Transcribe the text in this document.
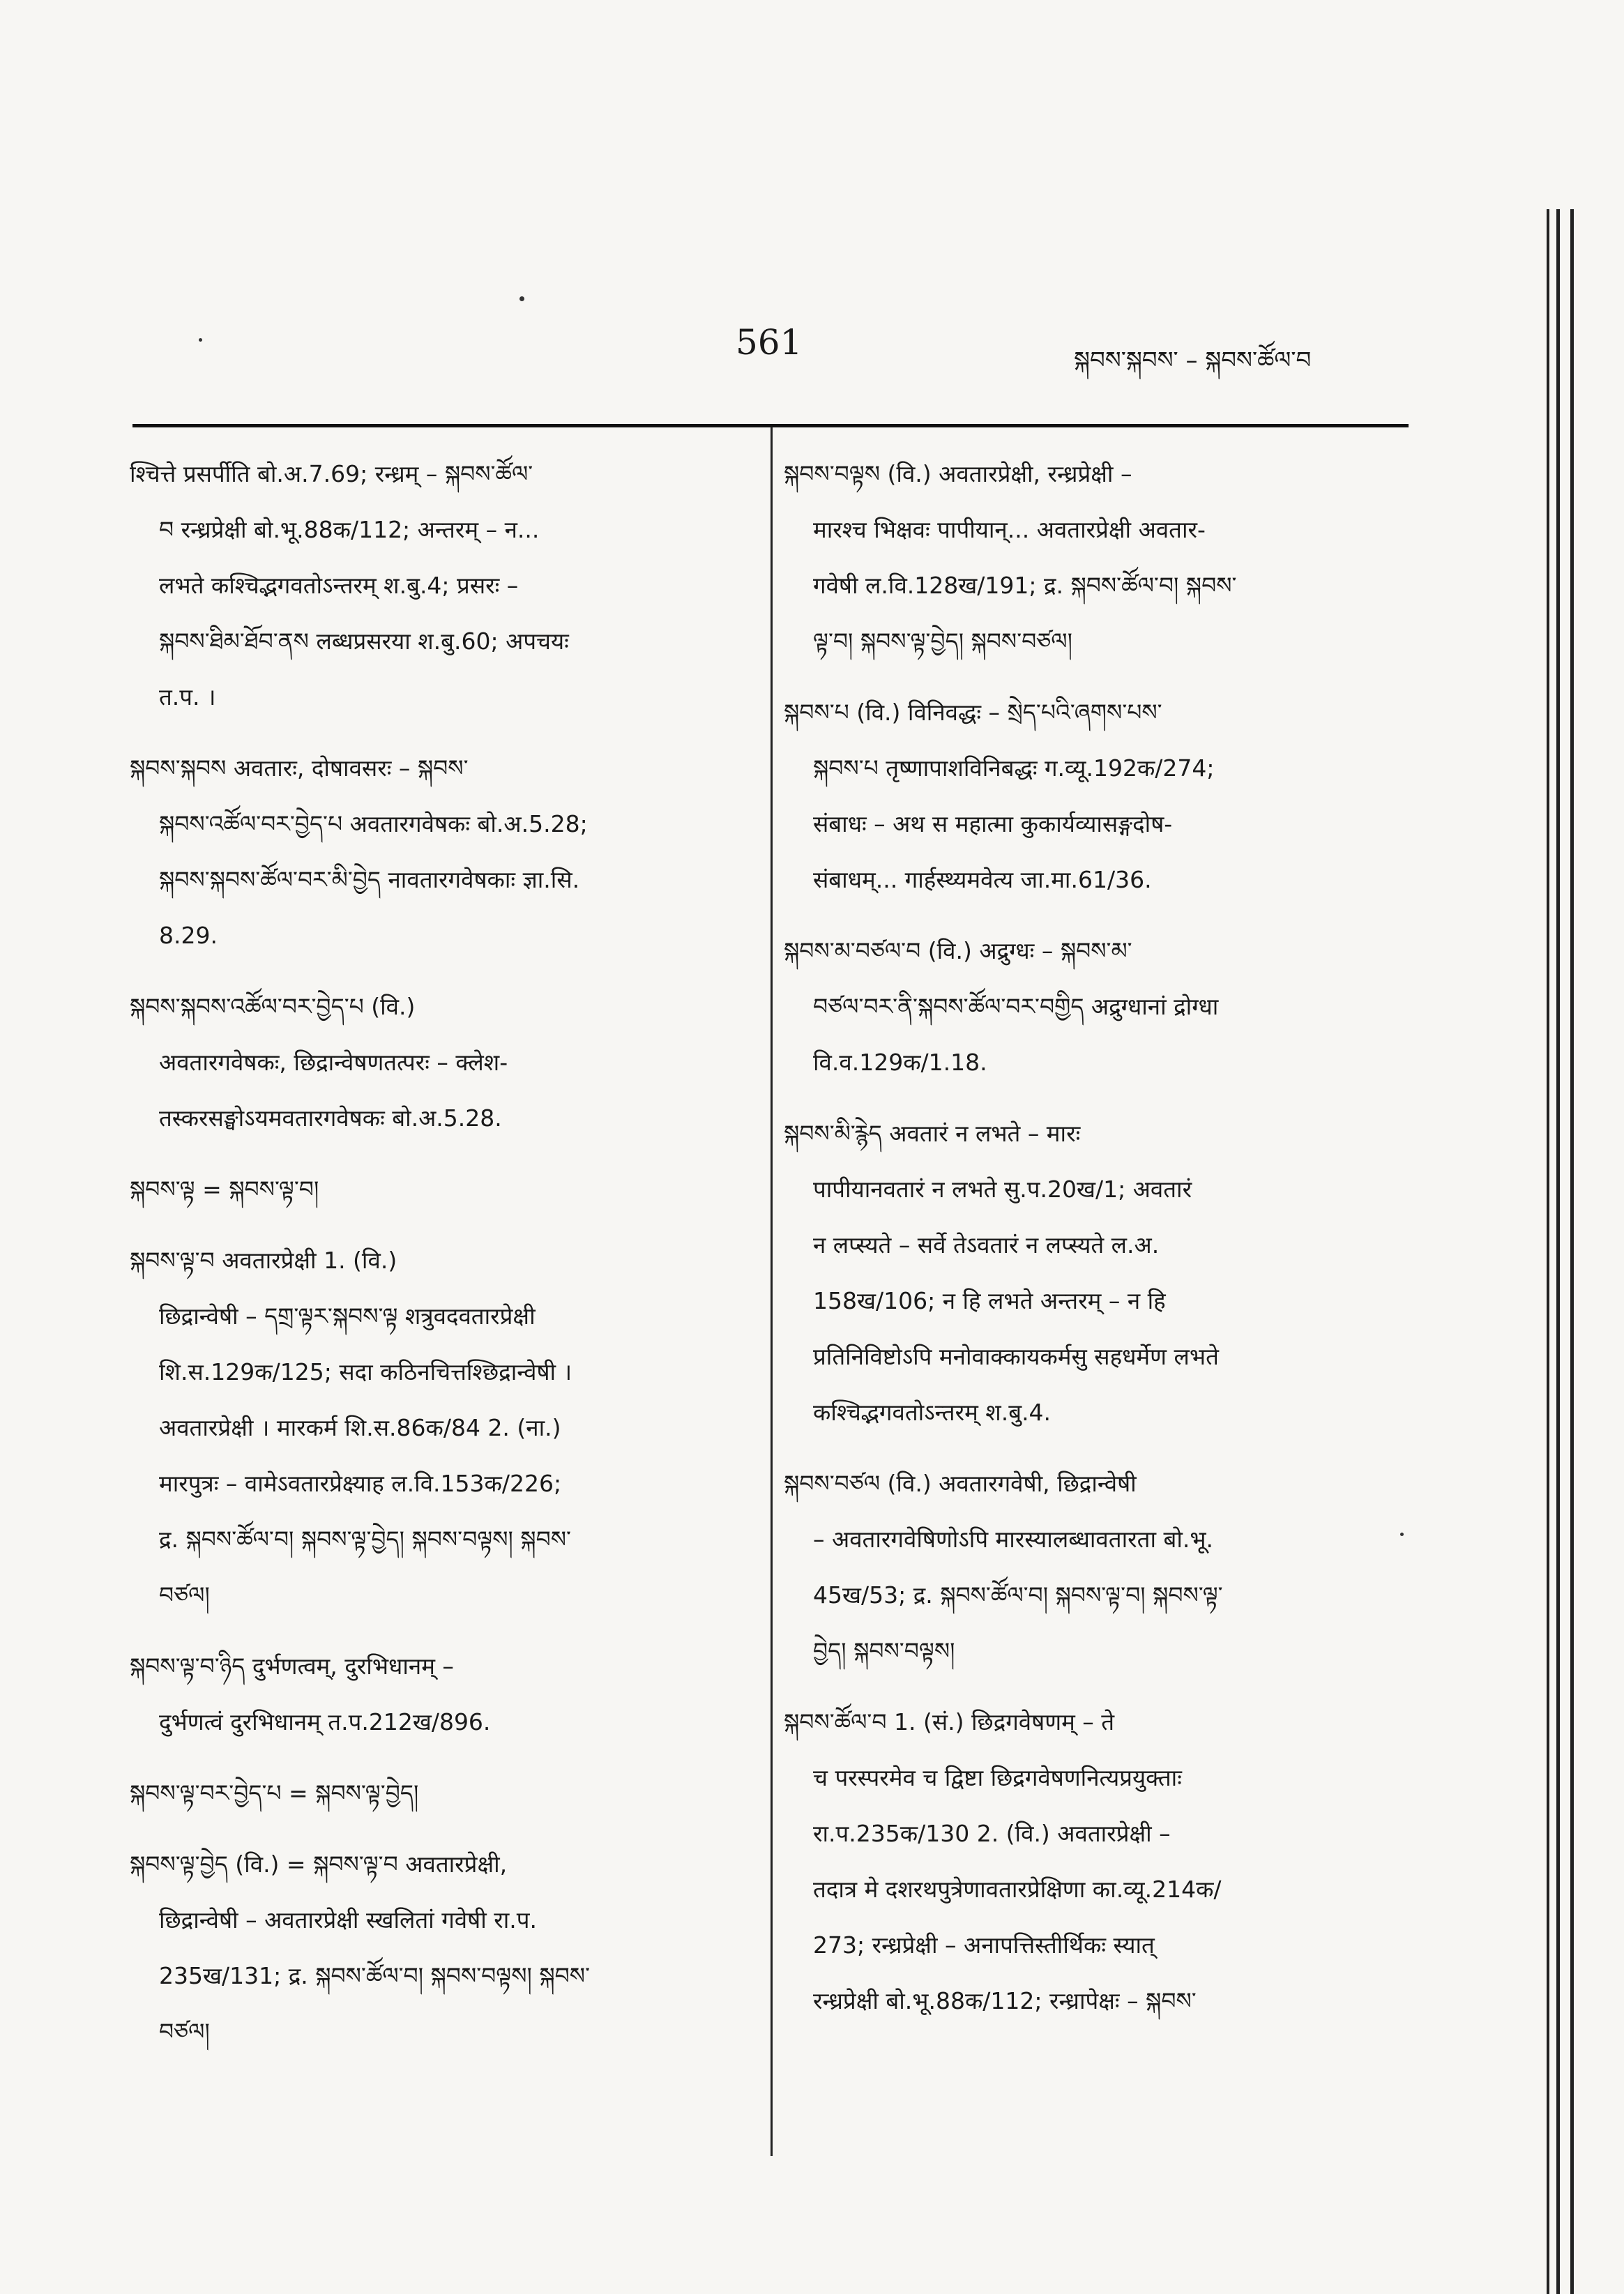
561	སྐབས་སྐབས་ – སྐབས་ཚོལ་བ
श्चित्ते प्रसर्पीति बो.अ.7.69; रन्ध्रम् – སྐབས་ཚོལ་
བ रन्ध्रप्रेक्षी बो.भू.88क/112; अन्तरम् – न...
लभते कश्चिद्भगवतोऽन्तरम् श.बु.4; प्रसरः –
སྐབས་ཐིམ་ཐོབ་ནས लब्धप्रसरया श.बु.60; अपचयः
त.प. ।
སྐབས་སྐབས अवतारः, दोषावसरः – སྐབས་
སྐབས་འཚོལ་བར་བྱེད་པ अवतारगवेषकः बो.अ.5.28;
སྐབས་སྐབས་ཚོལ་བར་མི་བྱེད नावतारगवेषकाः ज्ञा.सि.
8.29.
སྐབས་སྐབས་འཚོལ་བར་བྱེད་པ (वि.)
अवतारगवेषकः, छिद्रान्वेषणतत्परः – क्लेश-
तस्करसङ्घोऽयमवतारगवेषकः बो.अ.5.28.
སྐབས་ལྟ = སྐབས་ལྟ་བ།
སྐབས་ལྟ་བ अवतारप्रेक्षी 1. (वि.)
छिद्रान्वेषी – དགྲ་ལྟར་སྐབས་ལྟ शत्रुवदवतारप्रेक्षी
शि.स.129क/125; सदा कठिनचित्तश्छिद्रान्वेषी ।
अवतारप्रेक्षी । मारकर्म शि.स.86क/84 2. (ना.)
मारपुत्रः – वामेऽवतारप्रेक्ष्याह ल.वि.153क/226;
द्र. སྐབས་ཚོལ་བ། སྐབས་ལྟ་བྱེད། སྐབས་བལྟས། སྐབས་
བཙལ།
སྐབས་ལྟ་བ་ཉིད दुर्भणत्वम्, दुरभिधानम् –
दुर्भणत्वं दुरभिधानम् त.प.212ख/896.
སྐབས་ལྟ་བར་བྱེད་པ = སྐབས་ལྟ་བྱེད།
སྐབས་ལྟ་བྱེད (वि.) = སྐབས་ལྟ་བ अवतारप्रेक्षी,
छिद्रान्वेषी – अवतारप्रेक्षी स्खलितां गवेषी रा.प.
235ख/131; द्र. སྐབས་ཚོལ་བ། སྐབས་བལྟས། སྐབས་
བཙལ།
སྐབས་བལྟས (वि.) अवतारप्रेक्षी, रन्ध्रप्रेक्षी –
मारश्च भिक्षवः पापीयान्... अवतारप्रेक्षी अवतार-
गवेषी ल.वि.128ख/191; द्र. སྐབས་ཚོལ་བ། སྐབས་
ལྟ་བ། སྐབས་ལྟ་བྱེད། སྐབས་བཙལ།
སྐབས་པ (वि.) विनिवद्धः – སྲེད་པའི་ཞགས་པས་
སྐབས་པ तृष्णापाशविनिबद्धः ग.व्यू.192क/274;
संबाधः – अथ स महात्मा कुकार्यव्यासङ्गदोष-
संबाधम्... गार्हस्थ्यमवेत्य जा.मा.61/36.
སྐབས་མ་བཙལ་བ (वि.) अद्रुग्धः – སྐབས་མ་
བཙལ་བར་ནི་སྐབས་ཚོལ་བར་བགྱིད अद्रुग्धानां द्रोग्धा
वि.व.129क/1.18.
སྐབས་མི་རྙེད अवतारं न लभते – मारः
पापीयानवतारं न लभते सु.प.20ख/1; अवतारं
न लप्स्यते – सर्वे तेऽवतारं न लप्स्यते ल.अ.
158ख/106; न हि लभते अन्तरम् – न हि
प्रतिनिविष्टोऽपि मनोवाक्कायकर्मसु सहधर्मेण लभते
कश्चिद्भगवतोऽन्तरम् श.बु.4.
སྐབས་བཙལ (वि.) अवतारगवेषी, छिद्रान्वेषी
– अवतारगवेषिणोऽपि मारस्यालब्धावतारता बो.भू.
45ख/53; द्र. སྐབས་ཚོལ་བ། སྐབས་ལྟ་བ། སྐབས་ལྟ་
བྱེད། སྐབས་བལྟས།
སྐབས་ཚོལ་བ 1. (सं.) छिद्रगवेषणम् – ते
च परस्परमेव च द्विष्टा छिद्रगवेषणनित्यप्रयुक्ताः
रा.प.235क/130 2. (वि.) अवतारप्रेक्षी –
तदात्र मे दशरथपुत्रेणावतारप्रेक्षिणा का.व्यू.214क/
273; रन्ध्रप्रेक्षी – अनापत्तिस्तीर्थिकः स्यात्
रन्ध्रप्रेक्षी बो.भू.88क/112; रन्ध्रापेक्षः – སྐབས་
